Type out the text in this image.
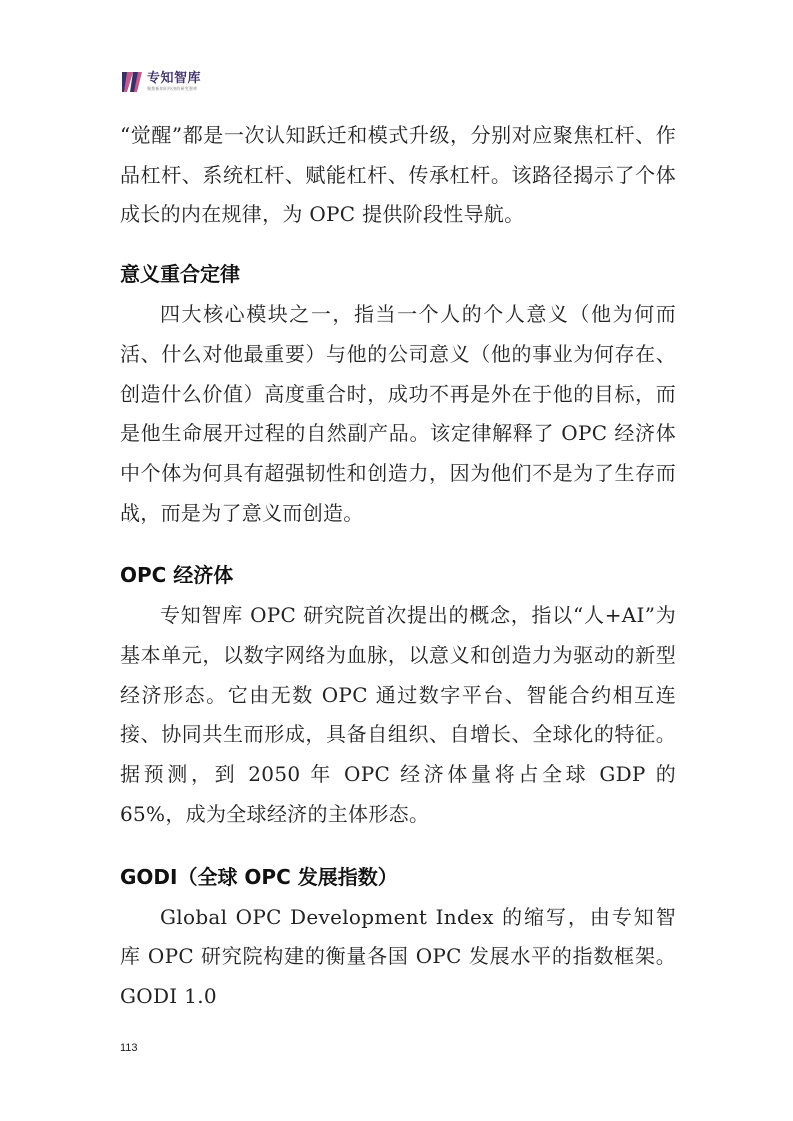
专知智库
聚焦新知识经济的研究智库

“觉醒”都是一次认知跃迁和模式升级，分别对应聚焦杠杆、作品杠杆、系统杠杆、赋能杠杆、传承杠杆。该路径揭示了个体成长的内在规律，为 OPC 提供阶段性导航。

意义重合定律

四大核心模块之一，指当一个人的个人意义（他为何而活、什么对他最重要）与他的公司意义（他的事业为何存在、创造什么价值）高度重合时，成功不再是外在于他的目标，而是他生命展开过程的自然副产品。该定律解释了 OPC 经济体中个体为何具有超强韧性和创造力，因为他们不是为了生存而战，而是为了意义而创造。

OPC 经济体

专知智库 OPC 研究院首次提出的概念，指以“人+AI”为基本单元，以数字网络为血脉，以意义和创造力为驱动的新型经济形态。它由无数 OPC 通过数字平台、智能合约相互连接、协同共生而形成，具备自组织、自增长、全球化的特征。据预测，到 2050 年 OPC 经济体量将占全球 GDP 的 65%，成为全球经济的主体形态。

GODI（全球 OPC 发展指数）

Global OPC Development Index 的缩写，由专知智库 OPC 研究院构建的衡量各国 OPC 发展水平的指数框架。GODI 1.0

113
